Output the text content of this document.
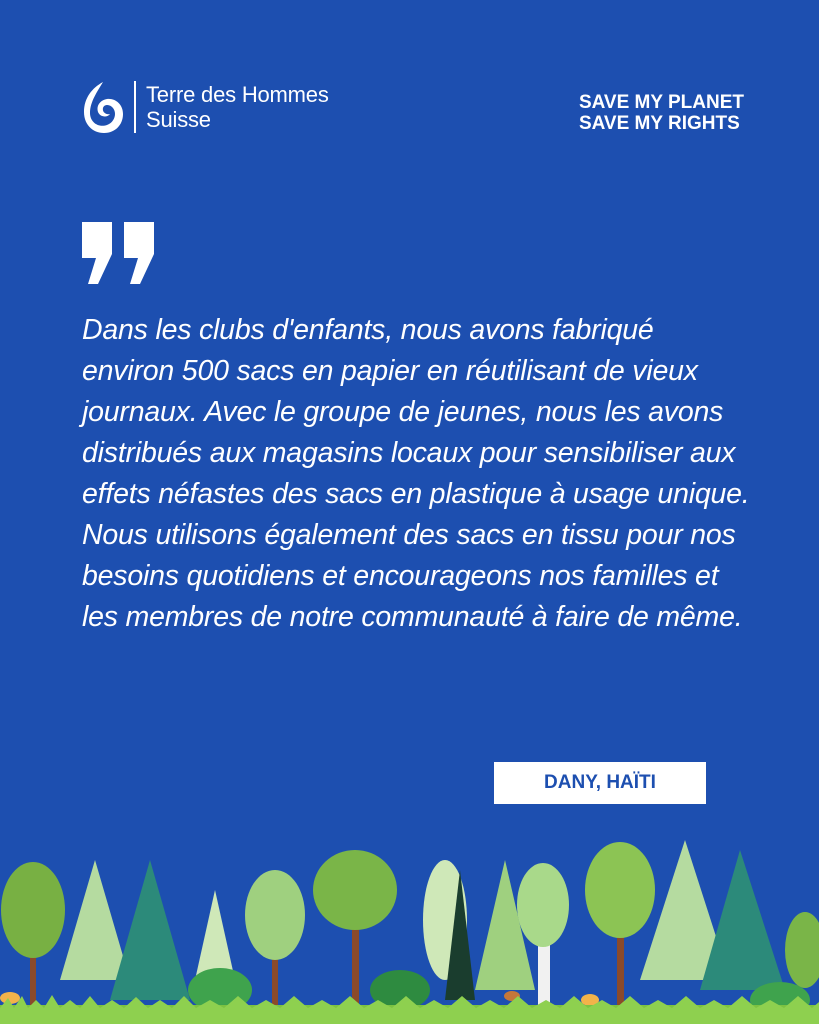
Terre des Hommes
Suisse
SAVE MY PLANET
SAVE MY RIGHTS
Dans les clubs d'enfants, nous avons fabriqué environ 500 sacs en papier en réutilisant de vieux journaux. Avec le groupe de jeunes, nous les avons distribués aux magasins locaux pour sensibiliser aux effets néfastes des sacs en plastique à usage unique. Nous utilisons également des sacs en tissu pour nos besoins quotidiens et encourageons nos familles et les membres de notre communauté à faire de même.
DANY, HAÏTI
